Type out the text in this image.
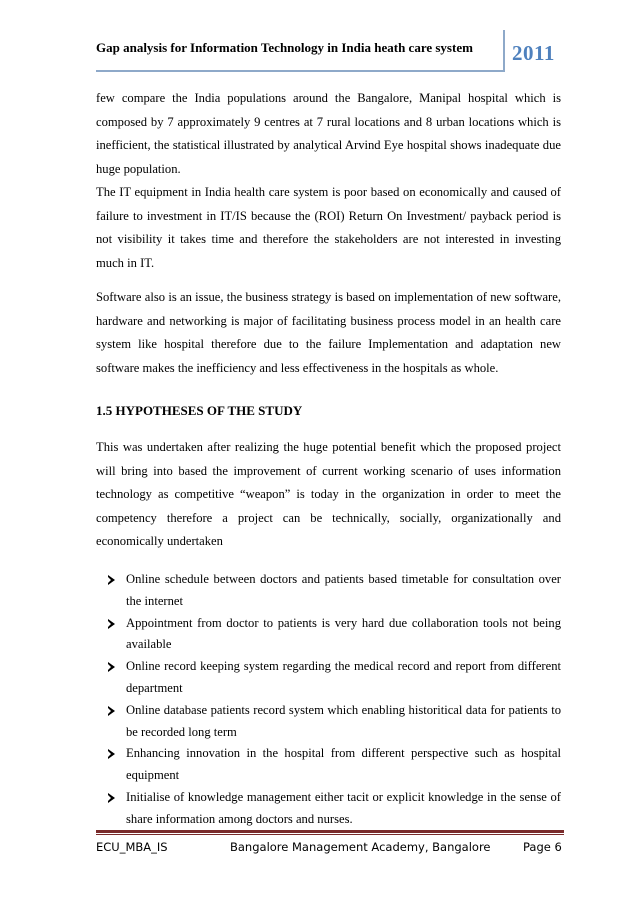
Gap analysis for Information Technology in India heath care system	2011

few compare the India populations around the Bangalore, Manipal hospital which is composed by 7 approximately 9 centres at 7 rural locations and 8 urban locations which is inefficient, the statistical illustrated by analytical Arvind Eye hospital shows inadequate due huge population.

The IT equipment in India health care system is poor based on economically and caused of failure to investment in IT/IS because the (ROI) Return On Investment/ payback period is not visibility it takes time and therefore the stakeholders are not interested in investing much in IT.

Software also is an issue, the business strategy is based on implementation of new software, hardware and networking is major of facilitating business process model in an health care system like hospital therefore due to the failure Implementation and adaptation new software makes the inefficiency and less effectiveness in the hospitals as whole.

1.5 HYPOTHESES OF THE STUDY

This was undertaken after realizing the huge potential benefit which the proposed project will bring into based the improvement of current working scenario of uses information technology as competitive “weapon” is today in the organization in order to meet the competency therefore a project can be technically, socially, organizationally and economically undertaken

Online schedule between doctors and patients based timetable for consultation over the internet
Appointment from doctor to patients is very hard due collaboration tools not being available
Online record keeping system regarding the medical record and report from different department
Online database patients record system which enabling historitical data for patients to be recorded long term
Enhancing innovation in the hospital from different perspective such as hospital equipment
Initialise of knowledge management either tacit or explicit knowledge in the sense of share information among doctors and nurses.
ECU_MBA_IS	Bangalore Management Academy, Bangalore	Page 6
